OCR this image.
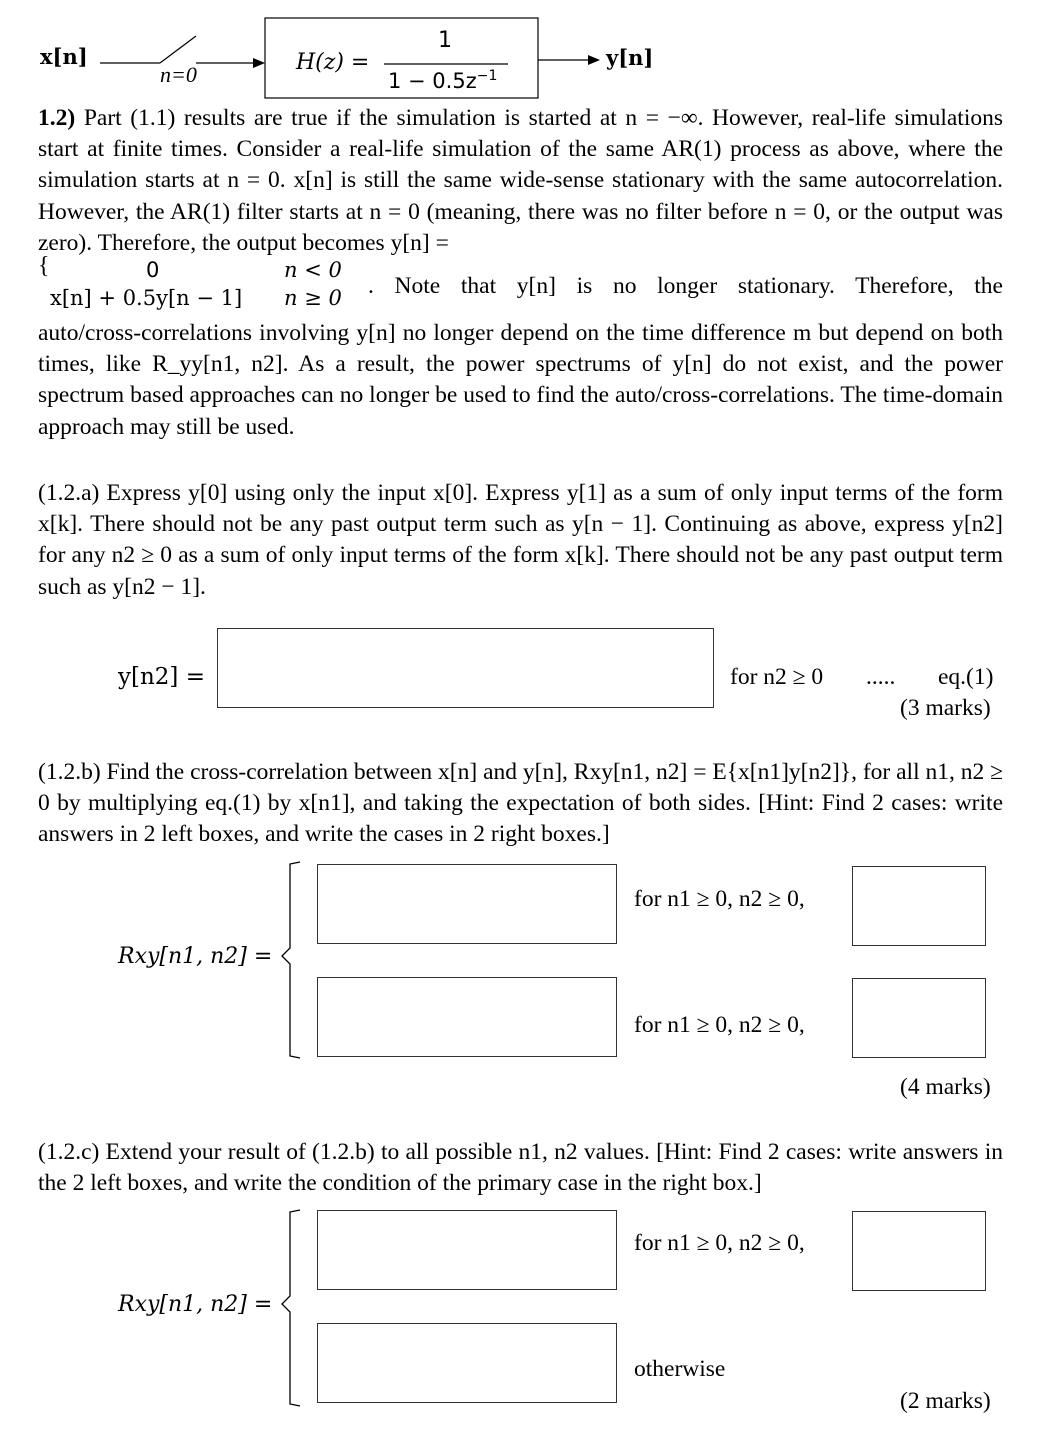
x[n]
n=0	H(z) =
1
$1 - 0.5z^{-1}$
y[n]

1.2) Part (1.1) results are true if the simulation is started at n = −∞. However, real-life simulations start at finite times. Consider a real-life simulation of the same AR(1) process as above, where the simulation starts at n = 0. x[n] is still the same wide-sense stationary with the same autocorrelation. However, the AR(1) filter starts at n = 0 (meaning, there was no filter before n = 0, or the output was zero). Therefore, the output becomes y[n] =

{	0	n < 0
x[n] + 0.5y[n − 1] n ≥ 0 . Note that y[n] is no longer stationary. Therefore, the

auto/cross-correlations involving y[n] no longer depend on the time difference m but depend on both times, like R_yy[n1, n2]. As a result, the power spectrums of y[n] do not exist, and the power spectrum based approaches can no longer be used to find the auto/cross-correlations. The time-domain approach may still be used.

(1.2.a) Express y[0] using only the input x[0]. Express y[1] as a sum of only input terms of the form x[k]. There should not be any past output term such as y[n − 1]. Continuing as above, express y[n2] for any n2 ≥ 0 as a sum of only input terms of the form x[k]. There should not be any past output term such as y[n2 − 1].

y[n2] =	for n2 ≥ 0 ..... eq.(1)
(3 marks)

(1.2.b) Find the cross-correlation between x[n] and y[n], Rxy[n1, n2] = E{x[n1]y[n2]}, for all n1, n2 ≥ 0 by multiplying eq.(1) by x[n1], and taking the expectation of both sides. [Hint: Find 2 cases: write answers in 2 left boxes, and write the cases in 2 right boxes.]

Rxy[n1, n2] =
for n1 ≥ 0, n2 ≥ 0,
for n1 ≥ 0, n2 ≥ 0,
(4 marks)

(1.2.c) Extend your result of (1.2.b) to all possible n1, n2 values. [Hint: Find 2 cases: write answers in the 2 left boxes, and write the condition of the primary case in the right box.]

Rxy[n1, n2] =
for n1 ≥ 0, n2 ≥ 0,
otherwise
(2 marks)
